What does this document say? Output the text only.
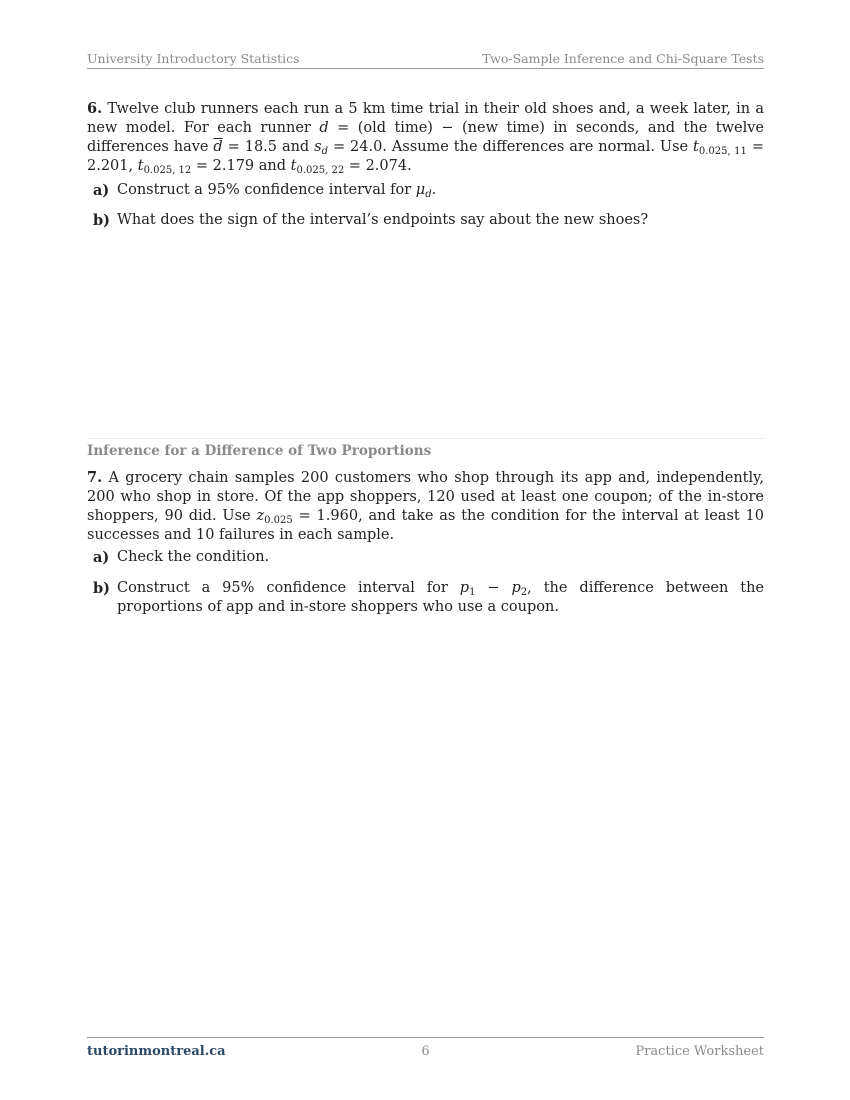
University Introductory Statistics	Two-Sample Inference and Chi-Square Tests

6. Twelve club runners each run a 5 km time trial in their old shoes and, a week later, in a new model. For each runner d = (old time) − (new time) in seconds, and the twelve differences have $\overline{d} = 18.5$ and $s_d = 24.0$. Assume the differences are normal. Use $t_{0.025, 11} = 2.201$, $t_{0.025, 12} = 2.179$ and $t_{0.025, 22} = 2.074$.

a) Construct a 95% confidence interval for $\mu_d$.

b) What does the sign of the interval’s endpoints say about the new shoes?

Inference for a Difference of Two Proportions

7. A grocery chain samples 200 customers who shop through its app and, independently, 200 who shop in store. Of the app shoppers, 120 used at least one coupon; of the in-store shoppers, 90 did. Use $z_{0.025} = 1.960$, and take as the condition for the interval at least 10 successes and 10 failures in each sample.

a) Check the condition.

b) Construct a 95% confidence interval for $p_1 - p_2$, the difference between the proportions of app and in-store shoppers who use a coupon.

tutorinmontreal.ca	6	Practice Worksheet
